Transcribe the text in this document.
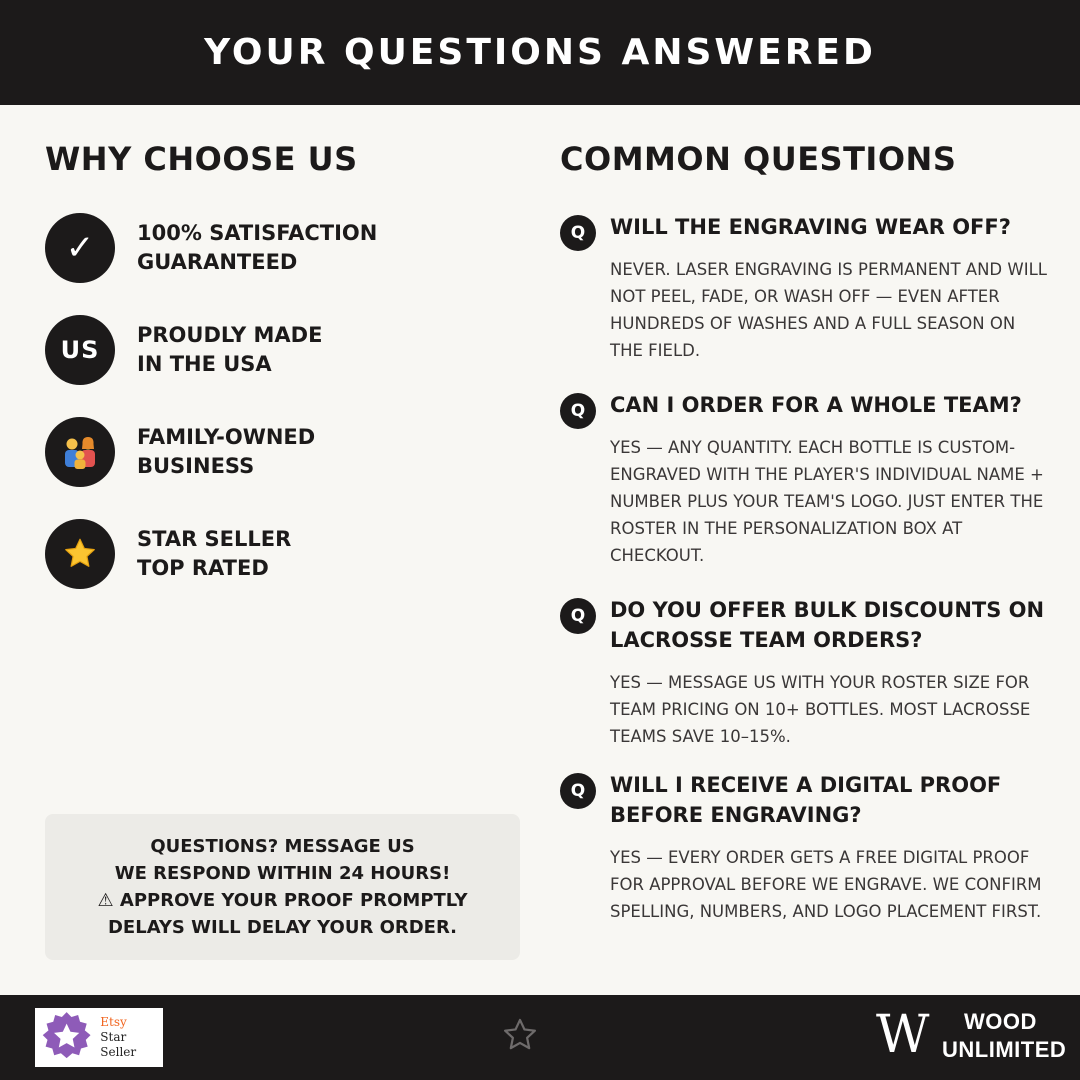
YOUR QUESTIONS ANSWERED
WHY CHOOSE US
✓ 100% SATISFACTION
GUARANTEED
US
PROUDLY MADE
IN THE USA
FAMILY-OWNED
BUSINESS
STAR SELLER
TOP RATED
QUESTIONS? MESSAGE US
WE RESPOND WITHIN 24 HOURS!
⚠ APPROVE YOUR PROOF PROMPTLY
DELAYS WILL DELAY YOUR ORDER.
COMMON QUESTIONS
Q	WILL THE ENGRAVING WEAR OFF?
NEVER. LASER ENGRAVING IS PERMANENT AND WILL NOT PEEL, FADE, OR WASH OFF — EVEN AFTER HUNDREDS OF WASHES AND A FULL SEASON ON THE FIELD.
Q	CAN I ORDER FOR A WHOLE TEAM?
YES — ANY QUANTITY. EACH BOTTLE IS CUSTOM-ENGRAVED WITH THE PLAYER'S INDIVIDUAL NAME + NUMBER PLUS YOUR TEAM'S LOGO. JUST ENTER THE ROSTER IN THE PERSONALIZATION BOX AT CHECKOUT.
Q	DO YOU OFFER BULK DISCOUNTS ON LACROSSE TEAM ORDERS?
YES — MESSAGE US WITH YOUR ROSTER SIZE FOR TEAM PRICING ON 10+ BOTTLES. MOST LACROSSE TEAMS SAVE 10–15%.
Q	WILL I RECEIVE A DIGITAL PROOF BEFORE ENGRAVING?
YES — EVERY ORDER GETS A FREE DIGITAL PROOF FOR APPROVAL BEFORE WE ENGRAVE. WE CONFIRM SPELLING, NUMBERS, AND LOGO PLACEMENT FIRST.
Etsy
Star Seller	W WOOD
UNLIMITED
